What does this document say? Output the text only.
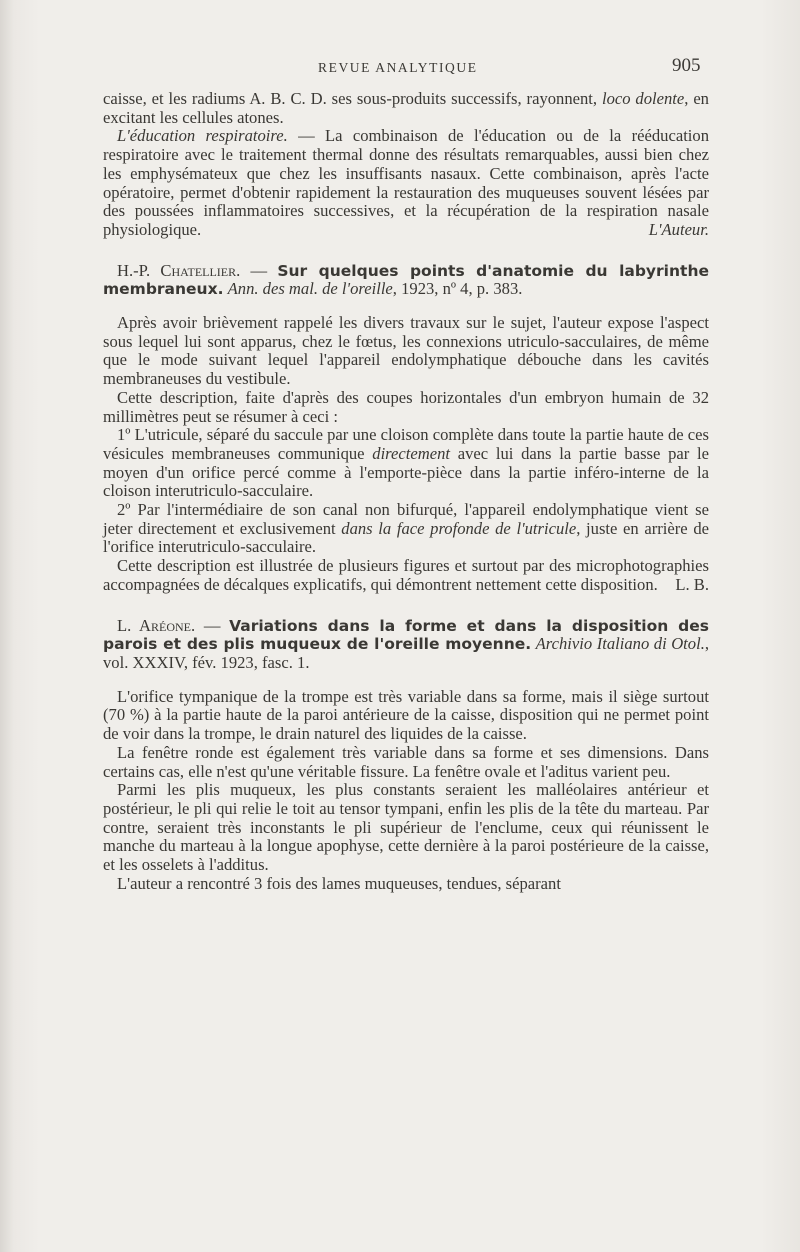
REVUE ANALYTIQUE	905

caisse, et les radiums A. B. C. D. ses sous-produits successifs, rayonnent, loco dolente, en excitant les cellules atones.

L'éducation respiratoire. — La combinaison de l'éducation ou de la rééducation respiratoire avec le traitement thermal donne des résultats remarquables, aussi bien chez les emphysémateux que chez les insuffisants nasaux. Cette combinaison, après l'acte opératoire, permet d'obtenir rapidement la restauration des muqueuses souvent lésées par des poussées inflammatoires successives, et la récupération de la respiration nasale physiologique.	L'Auteur.

H.-P. Chatellier. — Sur quelques points d'anatomie du labyrinthe membraneux. Ann. des mal. de l'oreille, 1923, nº 4, p. 383.

Après avoir brièvement rappelé les divers travaux sur le sujet, l'auteur expose l'aspect sous lequel lui sont apparus, chez le fœtus, les connexions utriculo-sacculaires, de même que le mode suivant lequel l'appareil endolymphatique débouche dans les cavités membraneuses du vestibule.

Cette description, faite d'après des coupes horizontales d'un embryon humain de 32 millimètres peut se résumer à ceci :

1º L'utricule, séparé du saccule par une cloison complète dans toute la partie haute de ces vésicules membraneuses communique directement avec lui dans la partie basse par le moyen d'un orifice percé comme à l'emporte-pièce dans la partie inféro-interne de la cloison interutriculo-sacculaire.

2º Par l'intermédiaire de son canal non bifurqué, l'appareil endolymphatique vient se jeter directement et exclusivement dans la face profonde de l'utricule, juste en arrière de l'orifice interutriculo-sacculaire.

Cette description est illustrée de plusieurs figures et surtout par des microphotographies accompagnées de décalques explicatifs, qui démontrent nettement cette disposition.	L. B.

L. Aréone. — Variations dans la forme et dans la disposition des parois et des plis muqueux de l'oreille moyenne. Archivio Italiano di Otol., vol. XXXIV, fév. 1923, fasc. 1.

L'orifice tympanique de la trompe est très variable dans sa forme, mais il siège surtout (70 %) à la partie haute de la paroi antérieure de la caisse, disposition qui ne permet point de voir dans la trompe, le drain naturel des liquides de la caisse.

La fenêtre ronde est également très variable dans sa forme et ses dimensions. Dans certains cas, elle n'est qu'une véritable fissure. La fenêtre ovale et l'aditus varient peu.

Parmi les plis muqueux, les plus constants seraient les malléolaires antérieur et postérieur, le pli qui relie le toit au tensor tympani, enfin les plis de la tête du marteau. Par contre, seraient très inconstants le pli supérieur de l'enclume, ceux qui réunissent le manche du marteau à la longue apophyse, cette dernière à la paroi postérieure de la caisse, et les osselets à l'additus.

L'auteur a rencontré 3 fois des lames muqueuses, tendues, séparant
